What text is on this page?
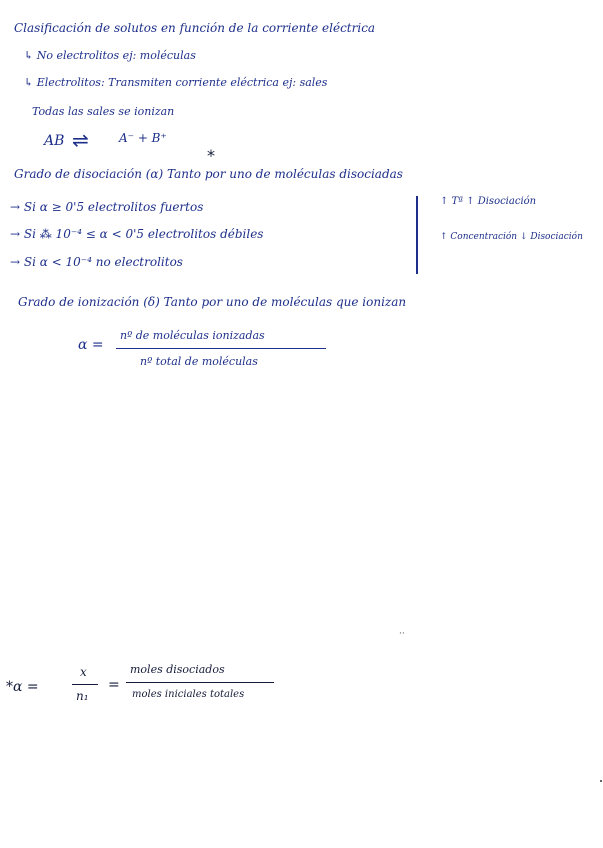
Clasificación de solutos en función de la corriente eléctrica
↳ No electrolitos ej: moléculas
↳ Electrolitos: Transmiten corriente eléctrica ej: sales
Todas las sales se ionizan
AB ⇌	A⁻ + B⁺
*
Grado de disociación (α) Tanto por uno de moléculas disociadas
→ Si α ≥ 0'5 electrolitos fuertos
→ Si ⁂ 10⁻⁴ ≤ α < 0'5 electrolitos débiles
→ Si α < 10⁻⁴ no electrolitos
↑ Tª ↑ Disociación
↑ Concentración ↓ Disociación
Grado de ionización (δ) Tanto por uno de moléculas que ionizan
α =
nº de moléculas ionizadas
nº total de moléculas
··
*α =
x
n₁
=
moles disociados
moles iniciales totales
